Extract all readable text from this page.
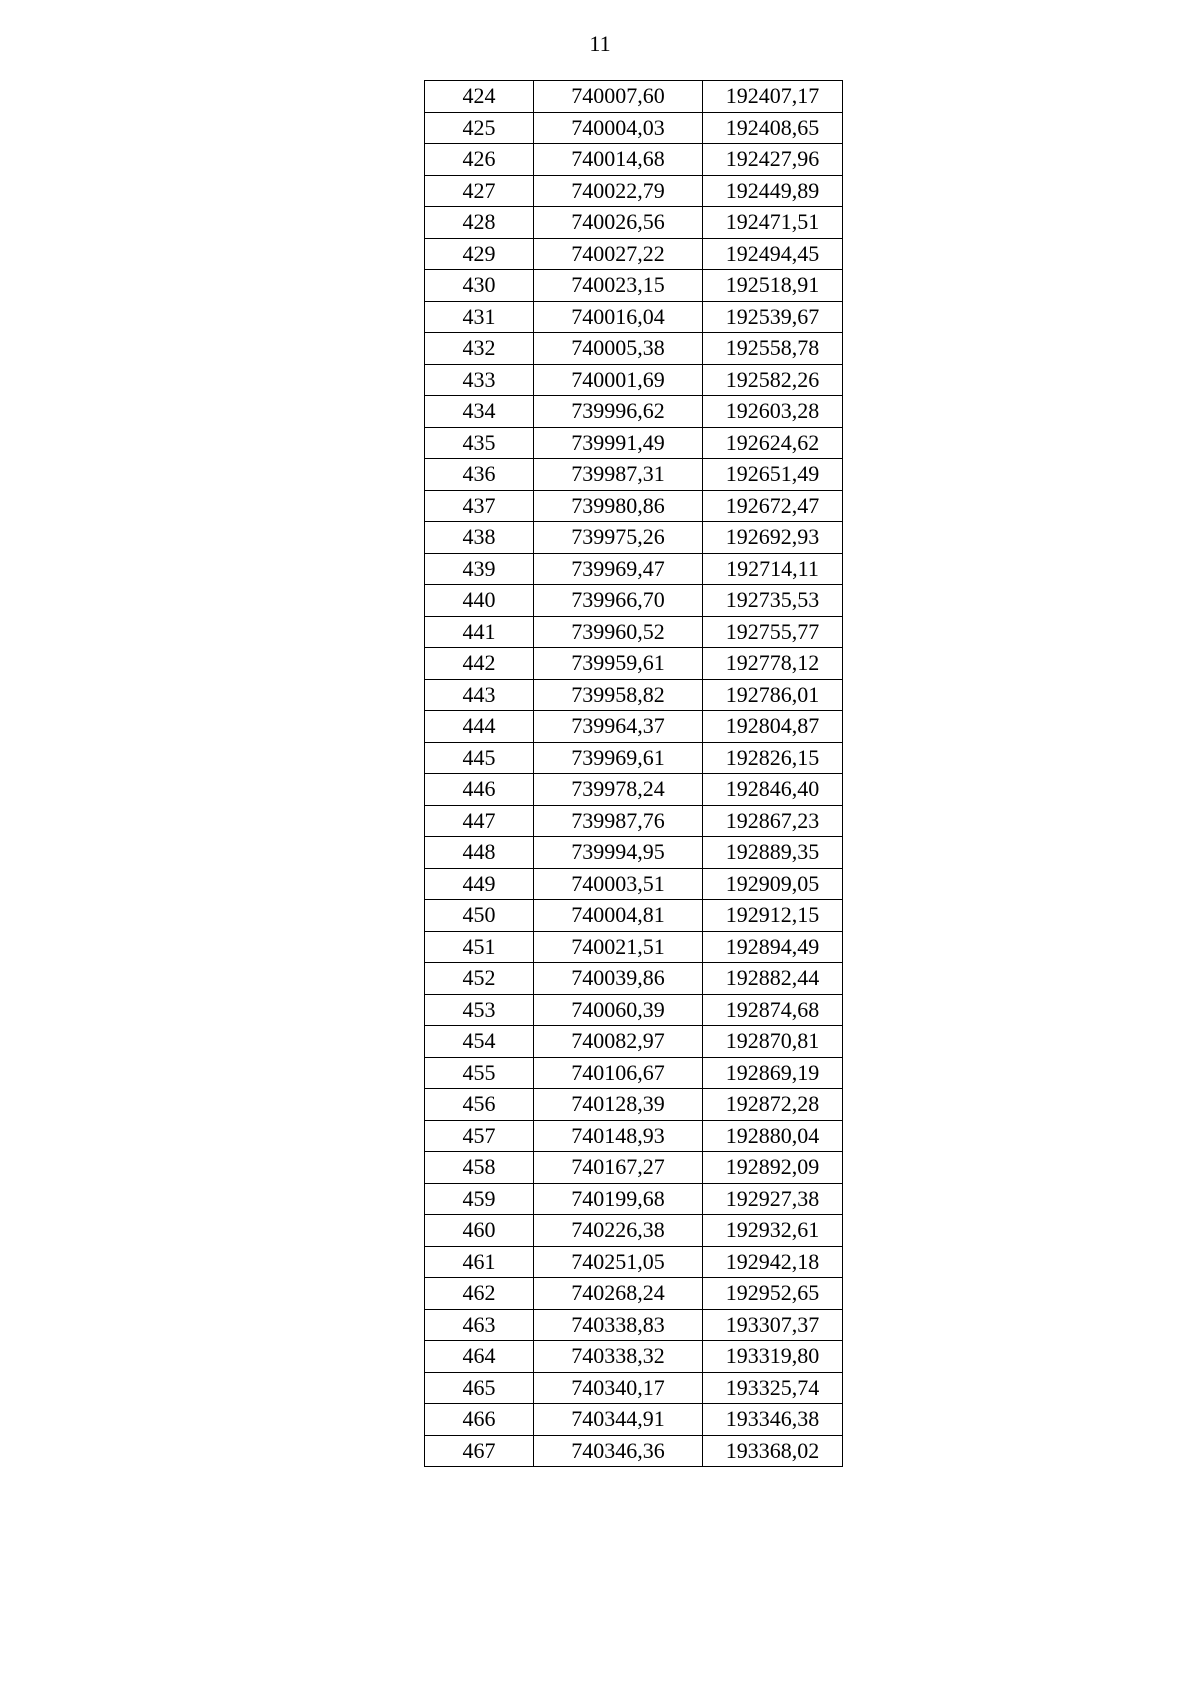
11
424	740007,60	192407,17
425	740004,03	192408,65
426	740014,68	192427,96
427	740022,79	192449,89
428	740026,56	192471,51
429	740027,22	192494,45
430	740023,15	192518,91
431	740016,04	192539,67
432	740005,38	192558,78
433	740001,69	192582,26
434	739996,62	192603,28
435	739991,49	192624,62
436	739987,31	192651,49
437	739980,86	192672,47
438	739975,26	192692,93
439	739969,47	192714,11
440	739966,70	192735,53
441	739960,52	192755,77
442	739959,61	192778,12
443	739958,82	192786,01
444	739964,37	192804,87
445	739969,61	192826,15
446	739978,24	192846,40
447	739987,76	192867,23
448	739994,95	192889,35
449	740003,51	192909,05
450	740004,81	192912,15
451	740021,51	192894,49
452	740039,86	192882,44
453	740060,39	192874,68
454	740082,97	192870,81
455	740106,67	192869,19
456	740128,39	192872,28
457	740148,93	192880,04
458	740167,27	192892,09
459	740199,68	192927,38
460	740226,38	192932,61
461	740251,05	192942,18
462	740268,24	192952,65
463	740338,83	193307,37
464	740338,32	193319,80
465	740340,17	193325,74
466	740344,91	193346,38
467	740346,36	193368,02
